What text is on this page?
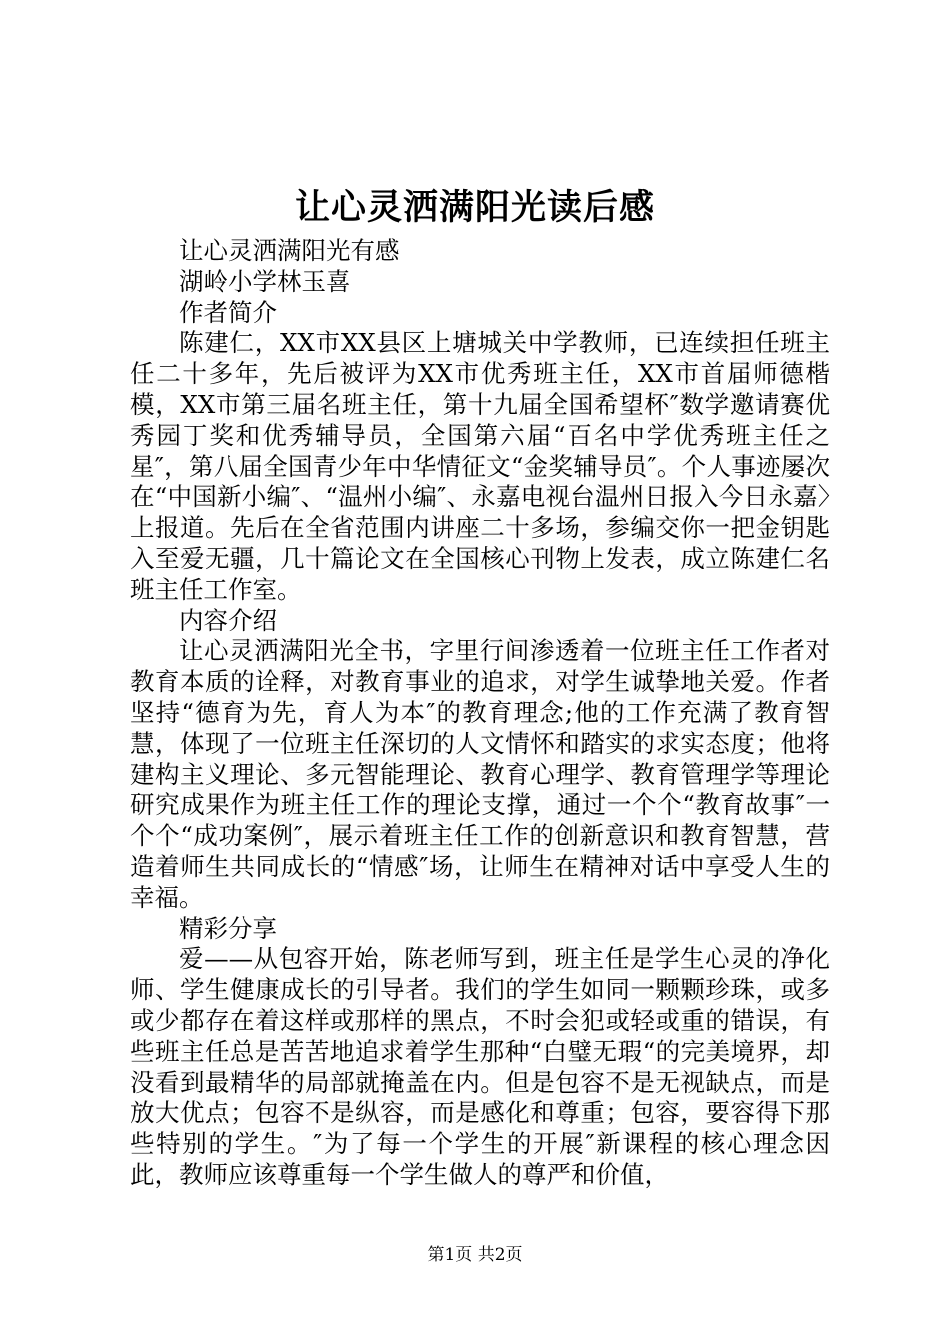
让心灵洒满阳光读后感

让心灵洒满阳光有感

湖岭小学林玉喜

作者简介

陈建仁，XX市XX县区上塘城关中学教师，已连续担任班主任二十多年，先后被评为XX市优秀班主任，XX市首届师德楷模，XX市第三届名班主任，第十九届全国希望杯″数学邀请赛优秀园丁奖和优秀辅导员，全国第六届“百名中学优秀班主任之星″，第八届全国青少年中华情征文“金奖辅导员″。个人事迹屡次在“中国新小编″、“温州小编″、永嘉电视台温州日报入今日永嘉〉上报道。先后在全省范围内讲座二十多场，参编交你一把金钥匙入至爱无疆，几十篇论文在全国核心刊物上发表，成立陈建仁名班主任工作室。

内容介绍

让心灵洒满阳光全书，字里行间渗透着一位班主任工作者对教育本质的诠释，对教育事业的追求，对学生诚挚地关爱。作者坚持“德育为先，育人为本″的教育理念;他的工作充满了教育智慧，体现了一位班主任深切的人文情怀和踏实的求实态度；他将建构主义理论、多元智能理论、教育心理学、教育管理学等理论研究成果作为班主任工作的理论支撑，通过一个个“教育故事″一个个“成功案例″，展示着班主任工作的创新意识和教育智慧，营造着师生共同成长的“情感″场，让师生在精神对话中享受人生的幸福。

精彩分享

爱——从包容开始，陈老师写到，班主任是学生心灵的净化师、学生健康成长的引导者。我们的学生如同一颗颗珍珠，或多或少都存在着这样或那样的黑点，不时会犯或轻或重的错误，有些班主任总是苦苦地追求着学生那种“白璧无瑕“的完美境界，却没看到最精华的局部就掩盖在内。但是包容不是无视缺点，而是放大优点；包容不是纵容，而是感化和尊重；包容，要容得下那些特别的学生。″为了每一个学生的开展″新课程的核心理念因此，教师应该尊重每一个学生做人的尊严和价值，

第1页 共2页
